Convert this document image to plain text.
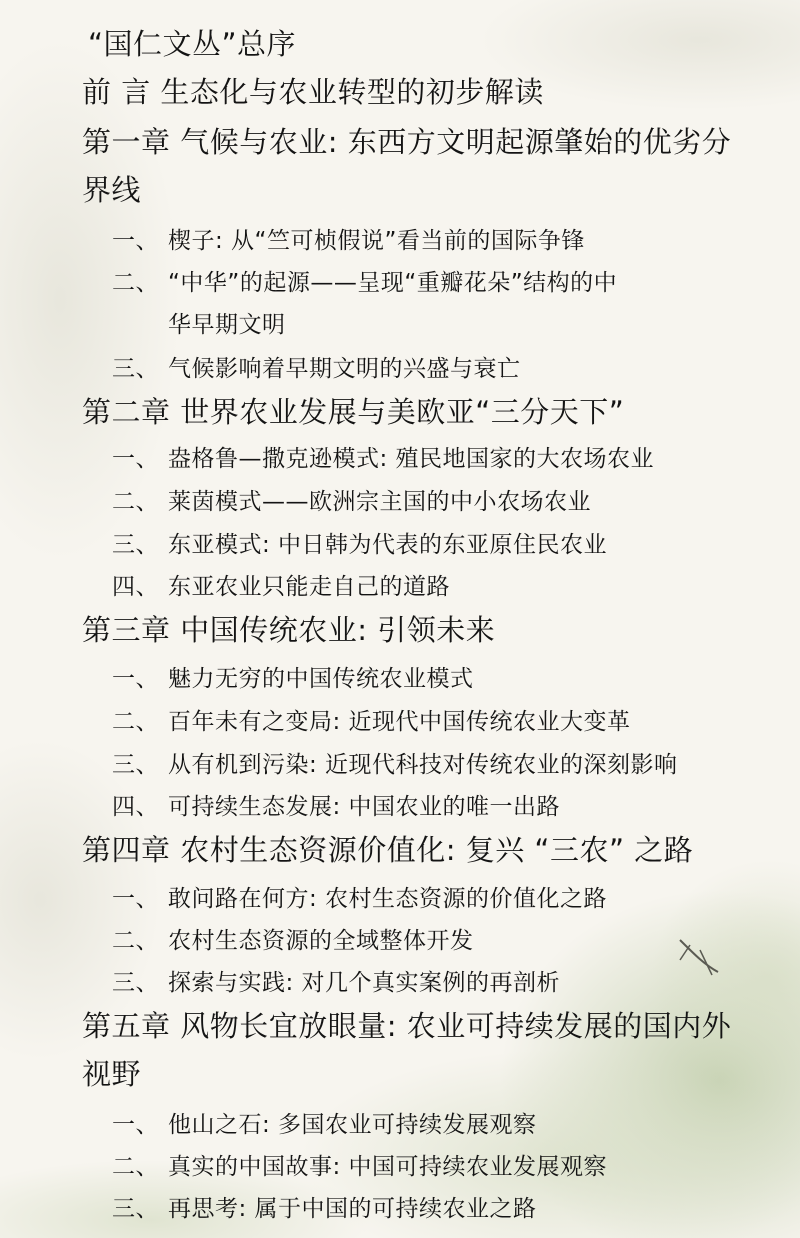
“国仁文丛”总序
前 言 生态化与农业转型的初步解读
第一章 气候与农业: 东西方文明起源肇始的优劣分
界线
一、 楔子: 从“竺可桢假说”看当前的国际争锋
二、 “中华”的起源——呈现“重瓣花朵”结构的中
华早期文明
三、 气候影响着早期文明的兴盛与衰亡
第二章 世界农业发展与美欧亚“三分天下”
一、 盎格鲁—撒克逊模式: 殖民地国家的大农场农业
二、 莱茵模式——欧洲宗主国的中小农场农业
三、 东亚模式: 中日韩为代表的东亚原住民农业
四、 东亚农业只能走自己的道路
第三章 中国传统农业: 引领未来
一、 魅力无穷的中国传统农业模式
二、 百年未有之变局: 近现代中国传统农业大变革
三、 从有机到污染: 近现代科技对传统农业的深刻影响
四、 可持续生态发展: 中国农业的唯一出路
第四章 农村生态资源价值化: 复兴 “三农” 之路
一、 敢问路在何方: 农村生态资源的价值化之路
二、 农村生态资源的全域整体开发
三、 探索与实践: 对几个真实案例的再剖析
第五章 风物长宜放眼量: 农业可持续发展的国内外
视野
一、 他山之石: 多国农业可持续发展观察
二、 真实的中国故事: 中国可持续农业发展观察
三、 再思考: 属于中国的可持续农业之路
